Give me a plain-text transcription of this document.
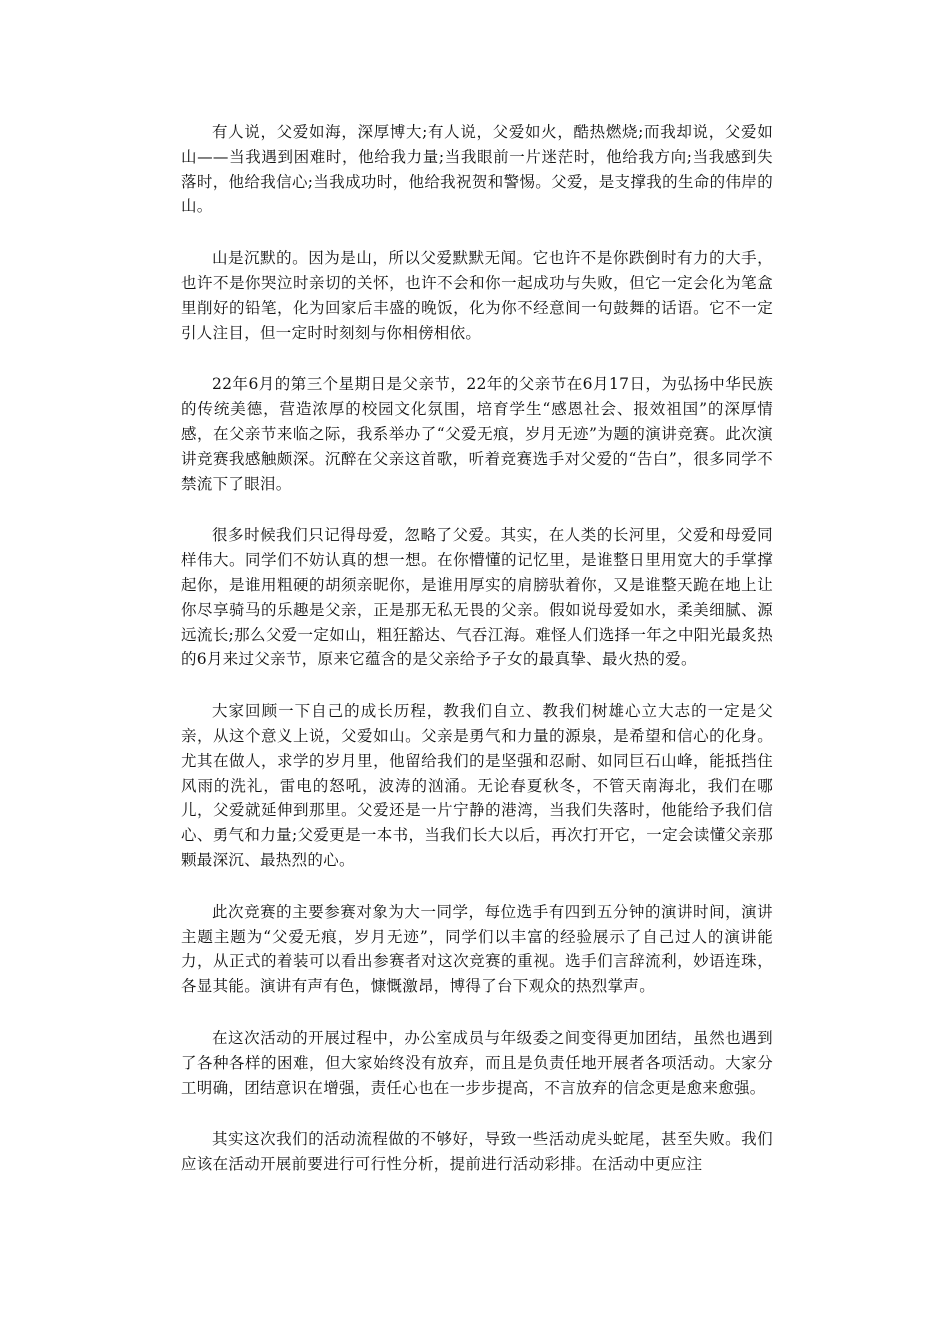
有人说，父爱如海，深厚博大;有人说，父爱如火，酷热燃烧;而我却说，父爱如山——当我遇到困难时，他给我力量;当我眼前一片迷茫时，他给我方向;当我感到失落时，他给我信心;当我成功时，他给我祝贺和警惕。父爱，是支撑我的生命的伟岸的山。

山是沉默的。因为是山，所以父爱默默无闻。它也许不是你跌倒时有力的大手，也许不是你哭泣时亲切的关怀，也许不会和你一起成功与失败，但它一定会化为笔盒里削好的铅笔，化为回家后丰盛的晚饭，化为你不经意间一句鼓舞的话语。它不一定引人注目，但一定时时刻刻与你相傍相依。

22年6月的第三个星期日是父亲节，22年的父亲节在6月17日，为弘扬中华民族的传统美德，营造浓厚的校园文化氛围，培育学生“感恩社会、报效祖国”的深厚情感，在父亲节来临之际，我系举办了“父爱无痕，岁月无迹”为题的演讲竞赛。此次演讲竞赛我感触颇深。沉醉在父亲这首歌，听着竞赛选手对父爱的“告白”，很多同学不禁流下了眼泪。

很多时候我们只记得母爱，忽略了父爱。其实，在人类的长河里，父爱和母爱同样伟大。同学们不妨认真的想一想。在你懵懂的记忆里，是谁整日里用宽大的手掌撑起你，是谁用粗硬的胡须亲昵你，是谁用厚实的肩膀驮着你，又是谁整天跪在地上让你尽享骑马的乐趣是父亲，正是那无私无畏的父亲。假如说母爱如水，柔美细腻、源远流长;那么父爱一定如山，粗狂豁达、气吞江海。难怪人们选择一年之中阳光最炙热的6月来过父亲节，原来它蕴含的是父亲给予子女的最真挚、最火热的爱。

大家回顾一下自己的成长历程，教我们自立、教我们树雄心立大志的一定是父亲，从这个意义上说，父爱如山。父亲是勇气和力量的源泉，是希望和信心的化身。尤其在做人，求学的岁月里，他留给我们的是坚强和忍耐、如同巨石山峰，能抵挡住风雨的洗礼，雷电的怒吼，波涛的汹涌。无论春夏秋冬，不管天南海北，我们在哪儿，父爱就延伸到那里。父爱还是一片宁静的港湾，当我们失落时，他能给予我们信心、勇气和力量;父爱更是一本书，当我们长大以后，再次打开它，一定会读懂父亲那颗最深沉、最热烈的心。

此次竞赛的主要参赛对象为大一同学，每位选手有四到五分钟的演讲时间，演讲主题主题为“父爱无痕，岁月无迹”，同学们以丰富的经验展示了自己过人的演讲能力，从正式的着装可以看出参赛者对这次竞赛的重视。选手们言辞流利，妙语连珠，各显其能。演讲有声有色，慷慨激昂，博得了台下观众的热烈掌声。

在这次活动的开展过程中，办公室成员与年级委之间变得更加团结，虽然也遇到了各种各样的困难，但大家始终没有放弃，而且是负责任地开展者各项活动。大家分工明确，团结意识在增强，责任心也在一步步提高，不言放弃的信念更是愈来愈强。

其实这次我们的活动流程做的不够好，导致一些活动虎头蛇尾，甚至失败。我们应该在活动开展前要进行可行性分析，提前进行活动彩排。在活动中更应注
